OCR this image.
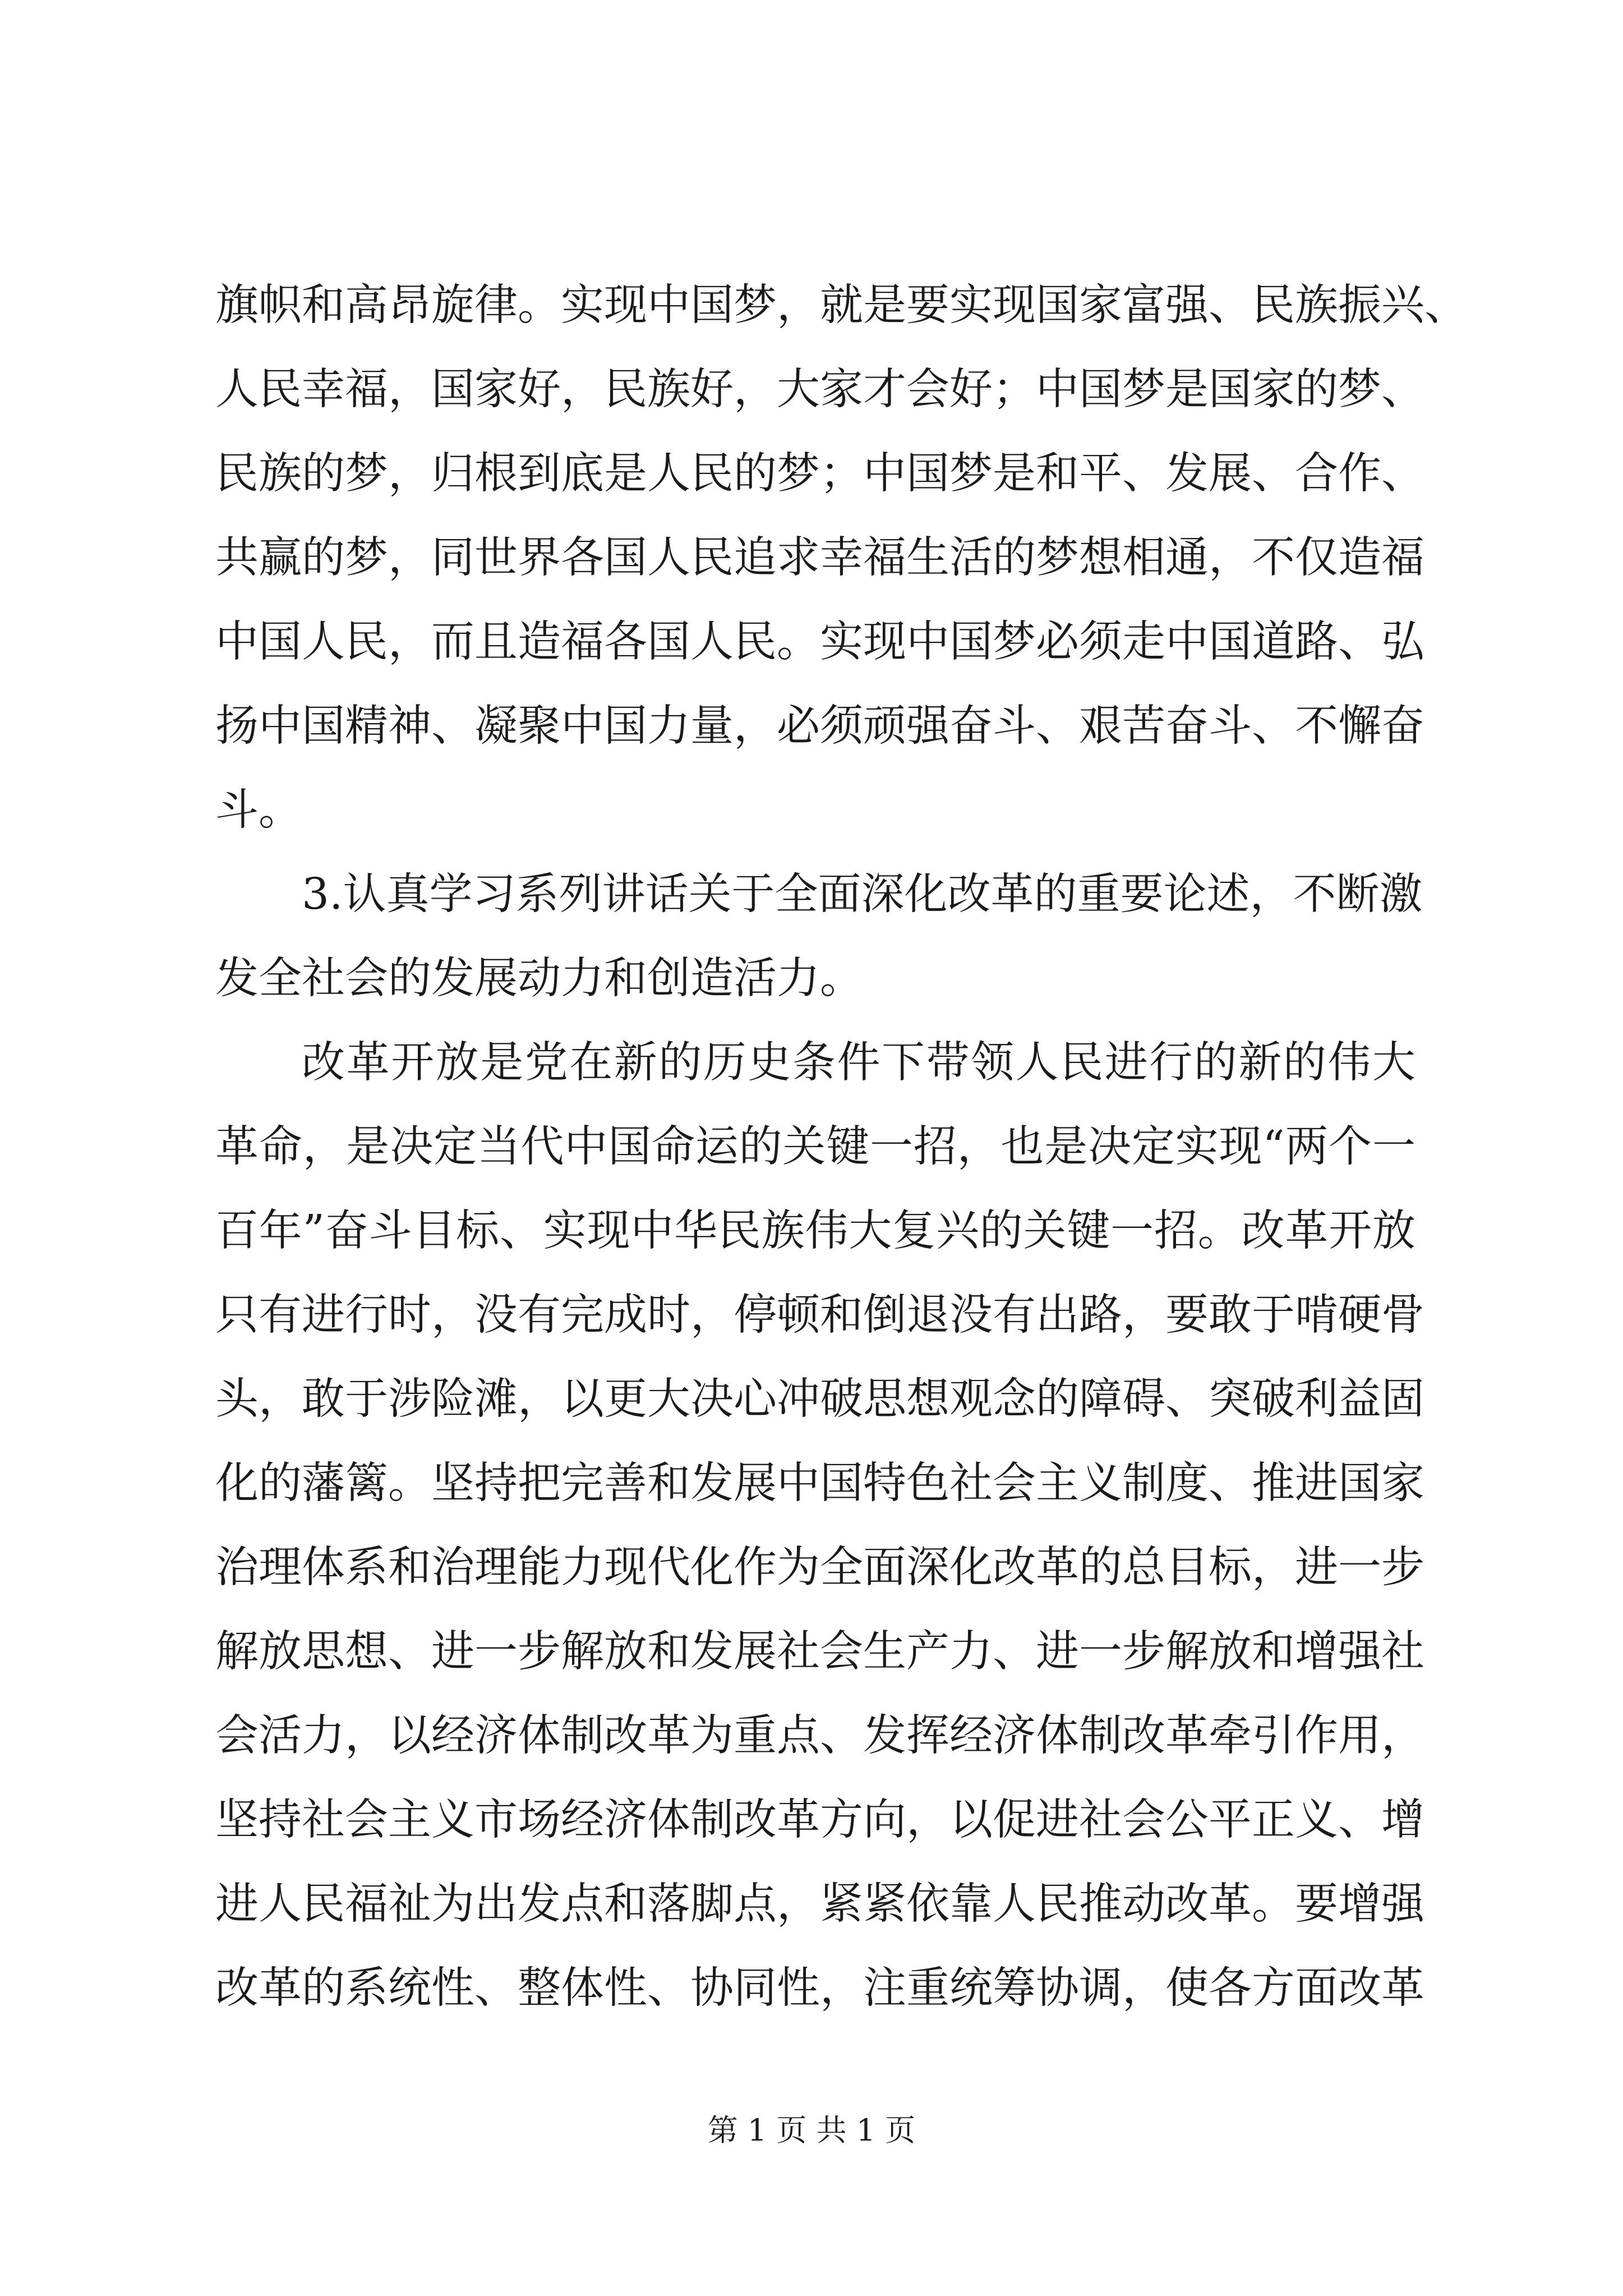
旗帜和高昂旋律。实现中国梦，就是要实现国家富强、民族振兴、
人民幸福，国家好，民族好，大家才会好；中国梦是国家的梦、
民族的梦，归根到底是人民的梦；中国梦是和平、发展、合作、
共赢的梦，同世界各国人民追求幸福生活的梦想相通，不仅造福
中国人民，而且造福各国人民。实现中国梦必须走中国道路、弘
扬中国精神、凝聚中国力量，必须顽强奋斗、艰苦奋斗、不懈奋
斗。
3.认真学习系列讲话关于全面深化改革的重要论述，不断激
发全社会的发展动力和创造活力。
改革开放是党在新的历史条件下带领人民进行的新的伟大
革命，是决定当代中国命运的关键一招，也是决定实现“两个一
百年”奋斗目标、实现中华民族伟大复兴的关键一招。改革开放
只有进行时，没有完成时，停顿和倒退没有出路，要敢于啃硬骨
头，敢于涉险滩，以更大决心冲破思想观念的障碍、突破利益固
化的藩篱。坚持把完善和发展中国特色社会主义制度、推进国家
治理体系和治理能力现代化作为全面深化改革的总目标，进一步
解放思想、进一步解放和发展社会生产力、进一步解放和增强社
会活力，以经济体制改革为重点、发挥经济体制改革牵引作用，
坚持社会主义市场经济体制改革方向，以促进社会公平正义、增
进人民福祉为出发点和落脚点，紧紧依靠人民推动改革。要增强
改革的系统性、整体性、协同性，注重统筹协调，使各方面改革
第 1 页 共 1 页
